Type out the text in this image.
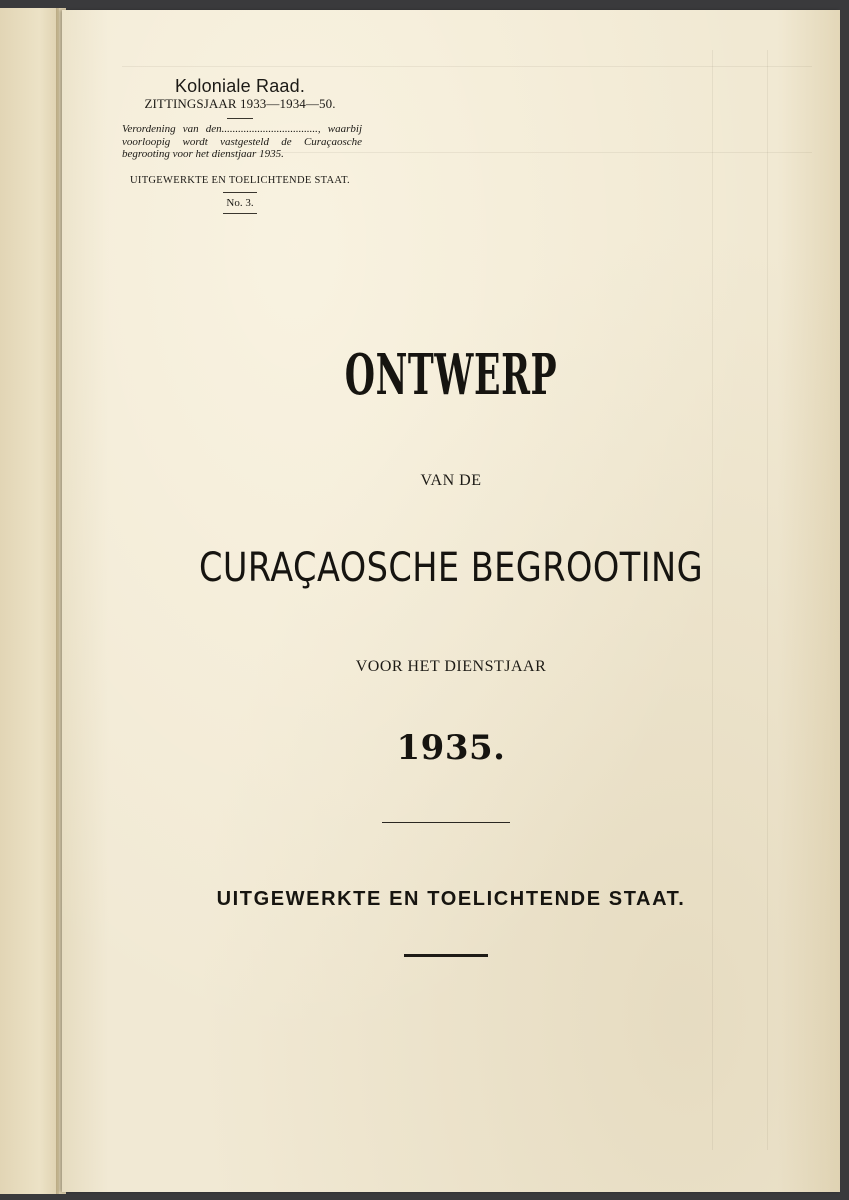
Koloniale Raad.
ZITTINGSJAAR 1933—1934—50.
Verordening van den..................................., waarbij voorloopig wordt vastgesteld de Curaçaosche begrooting voor het dienstjaar 1935.
UITGEWERKTE EN TOELICHTENDE STAAT.
No. 3.
ONTWERP
VAN DE
CURAÇAOSCHE BEGROOTING
VOOR HET DIENSTJAAR
1935.
UITGEWERKTE EN TOELICHTENDE STAAT.
